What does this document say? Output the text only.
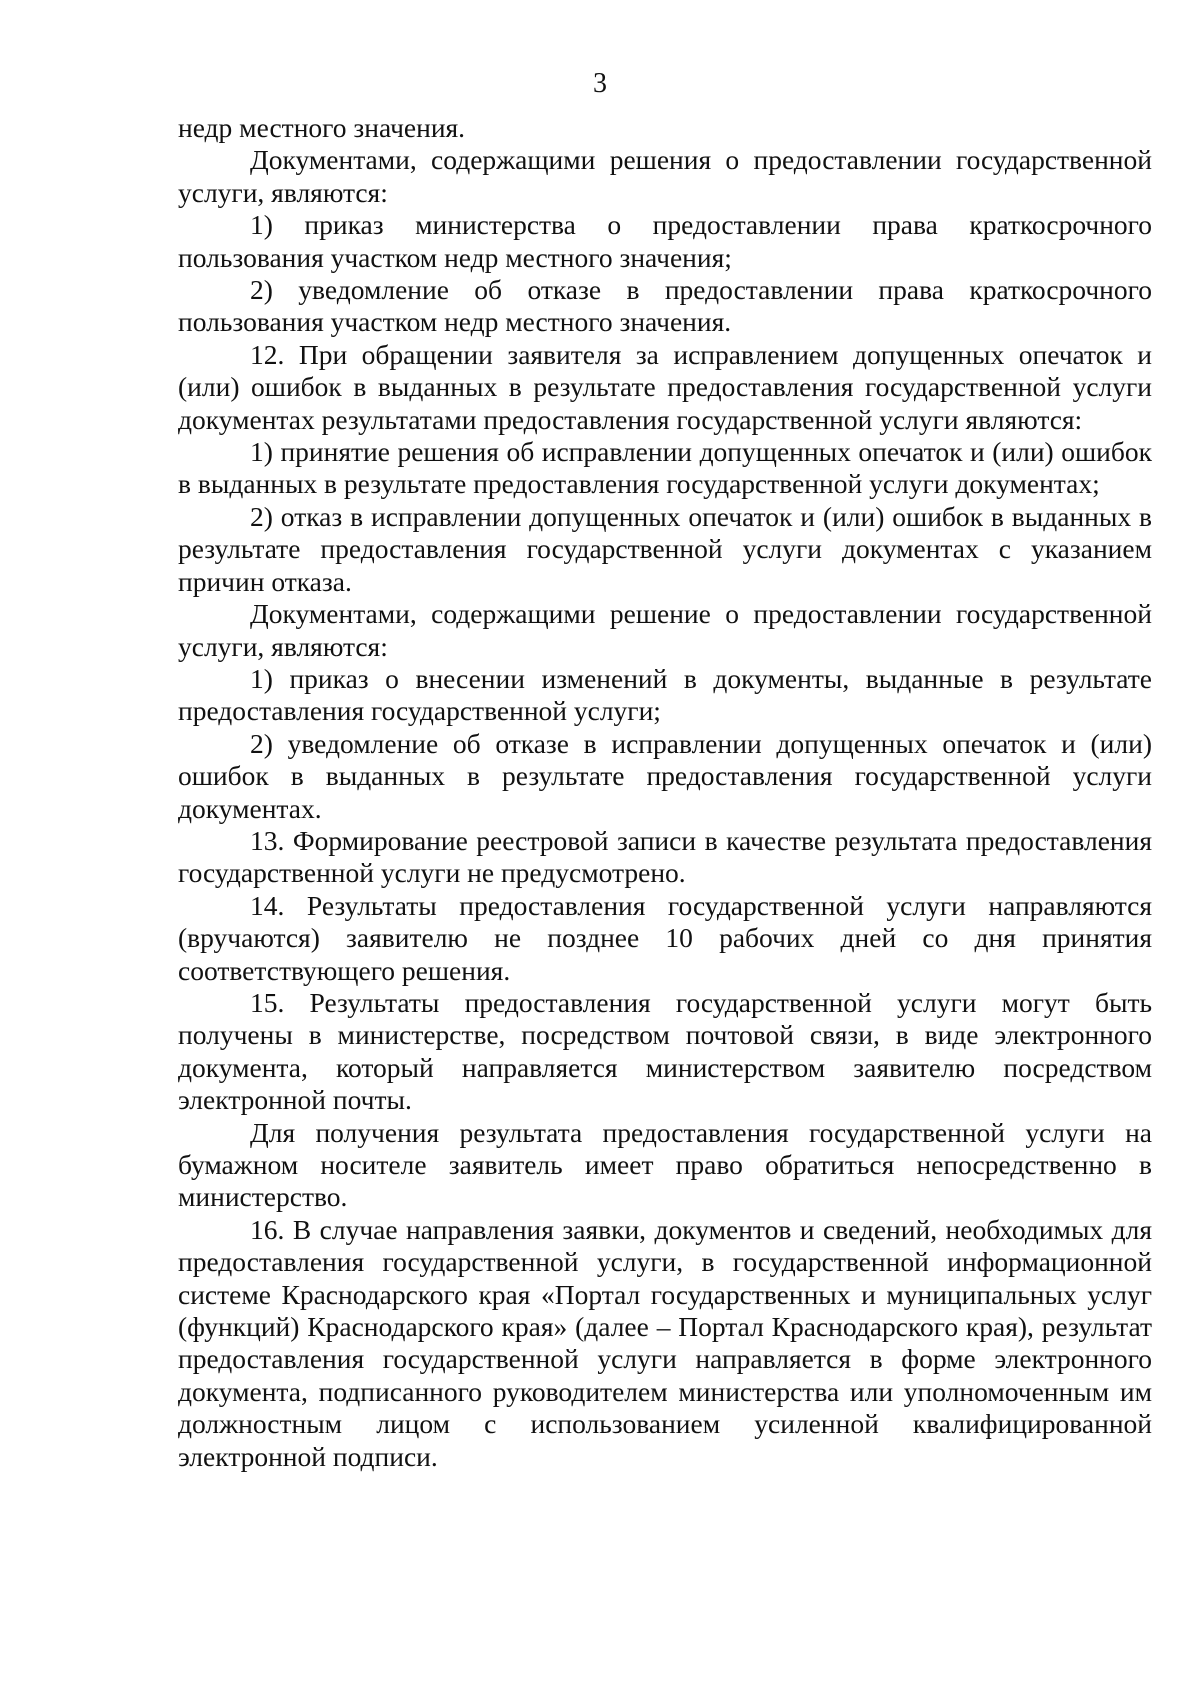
3

недр местного значения.

Документами, содержащими решения о предоставлении государственной услуги, являются:

1) приказ министерства о предоставлении права краткосрочного пользования участком недр местного значения;

2) уведомление об отказе в предоставлении права краткосрочного пользования участком недр местного значения.

12. При обращении заявителя за исправлением допущенных опечаток и (или) ошибок в выданных в результате предоставления государственной услуги документах результатами предоставления государственной услуги являются:

1) принятие решения об исправлении допущенных опечаток и (или) ошибок в выданных в результате предоставления государственной услуги документах;

2) отказ в исправлении допущенных опечаток и (или) ошибок в выданных в результате предоставления государственной услуги документах с указанием причин отказа.

Документами, содержащими решение о предоставлении государственной услуги, являются:

1) приказ о внесении изменений в документы, выданные в результате предоставления государственной услуги;

2) уведомление об отказе в исправлении допущенных опечаток и (или) ошибок в выданных в результате предоставления государственной услуги документах.

13. Формирование реестровой записи в качестве результата предоставления государственной услуги не предусмотрено.

14. Результаты предоставления государственной услуги направляются (вручаются) заявителю не позднее 10 рабочих дней со дня принятия соответствующего решения.

15. Результаты предоставления государственной услуги могут быть получены в министерстве, посредством почтовой связи, в виде электронного документа, который направляется министерством заявителю посредством электронной почты.

Для получения результата предоставления государственной услуги на бумажном носителе заявитель имеет право обратиться непосредственно в министерство.

16. В случае направления заявки, документов и сведений, необходимых для предоставления государственной услуги, в государственной информационной системе Краснодарского края «Портал государственных и муниципальных услуг (функций) Краснодарского края» (далее – Портал Краснодарского края), результат предоставления государственной услуги направляется в форме электронного документа, подписанного руководителем министерства или уполномоченным им должностным лицом с использованием усиленной квалифицированной электронной подписи.
